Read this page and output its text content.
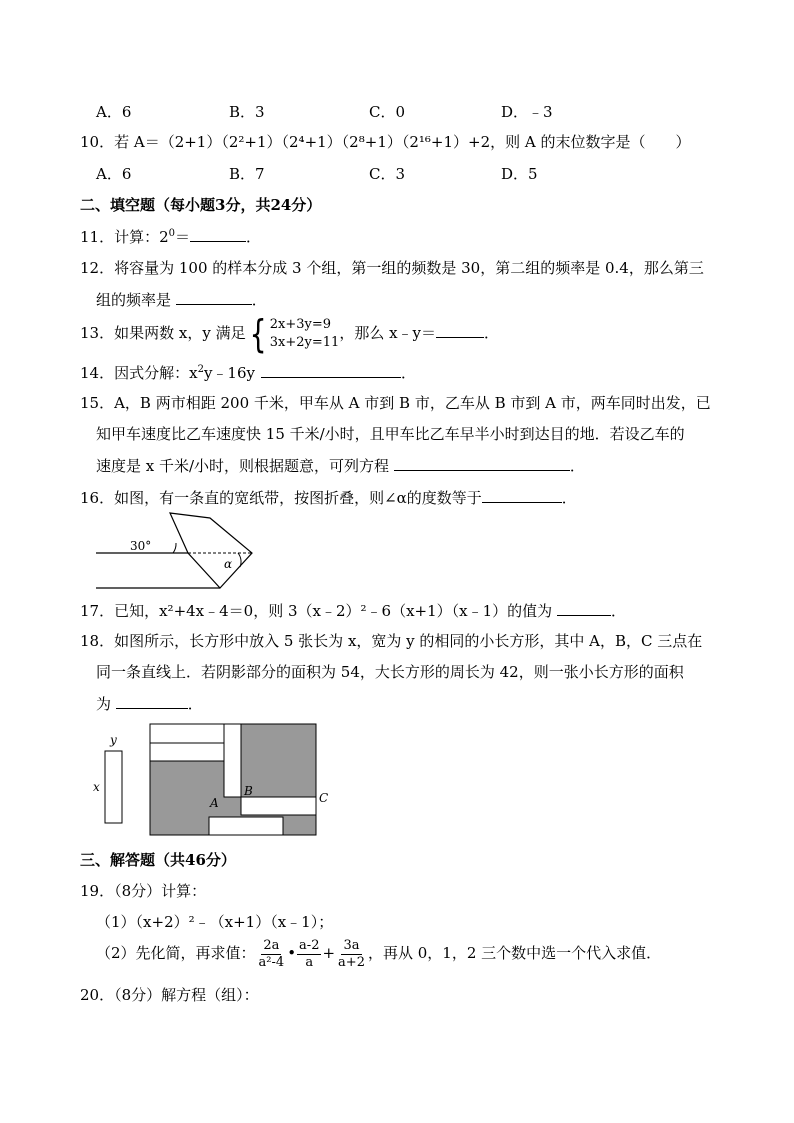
A．6	B．3	C．0	D．﹣3
10．若 A＝（2+1）（2²+1）（2⁴+1）（2⁸+1）（2¹⁶+1）+2，则 A 的末位数字是（　　）
A．6	B．7	C．3	D．5
二、填空题（每小题3分，共24分）
11．计算：$2^0=$	．
12．将容量为 100 的样本分成 3 个组，第一组的频数是 30，第二组的频率是 0.4，那么第三
组的频率是	．
13．如果两数 x，y 满足 { 2x+3y=9
3x+2y=11
，那么 x﹣y＝	．
14．因式分解：$x^2y﹣16y$	．
15．A，B 两市相距 200 千米，甲车从 A 市到 B 市，乙车从 B 市到 A 市，两车同时出发，已
知甲车速度比乙车速度快 15 千米/小时，且甲车比乙车早半小时到达目的地．若设乙车的
速度是 x 千米/小时，则根据题意，可列方程	．
16．如图，有一条直的宽纸带，按图折叠，则∠α的度数等于	．
30°
α
17．已知，x²+4x﹣4＝0，则 3（x﹣2）²﹣6（x+1）（x﹣1）的值为	．
18．如图所示，长方形中放入 5 张长为 x，宽为 y 的相同的小长方形，其中 A，B，C 三点在
同一条直线上．若阴影部分的面积为 54，大长方形的周长为 42，则一张小长方形的面积
为	．
y
x
A
B	C
三、解答题（共46分）
19．（8分）计算：
（1）（x+2）²﹣（x+1）（x﹣1）；
（2）先化简，再求值： $\frac{2a}{\text{a²-4}}$ • $\frac{a-2}{a} + \frac{3a}{a+2}$ ，再从 0，1，2 三个数中选一个代入求值．
20．（8分）解方程（组）：
